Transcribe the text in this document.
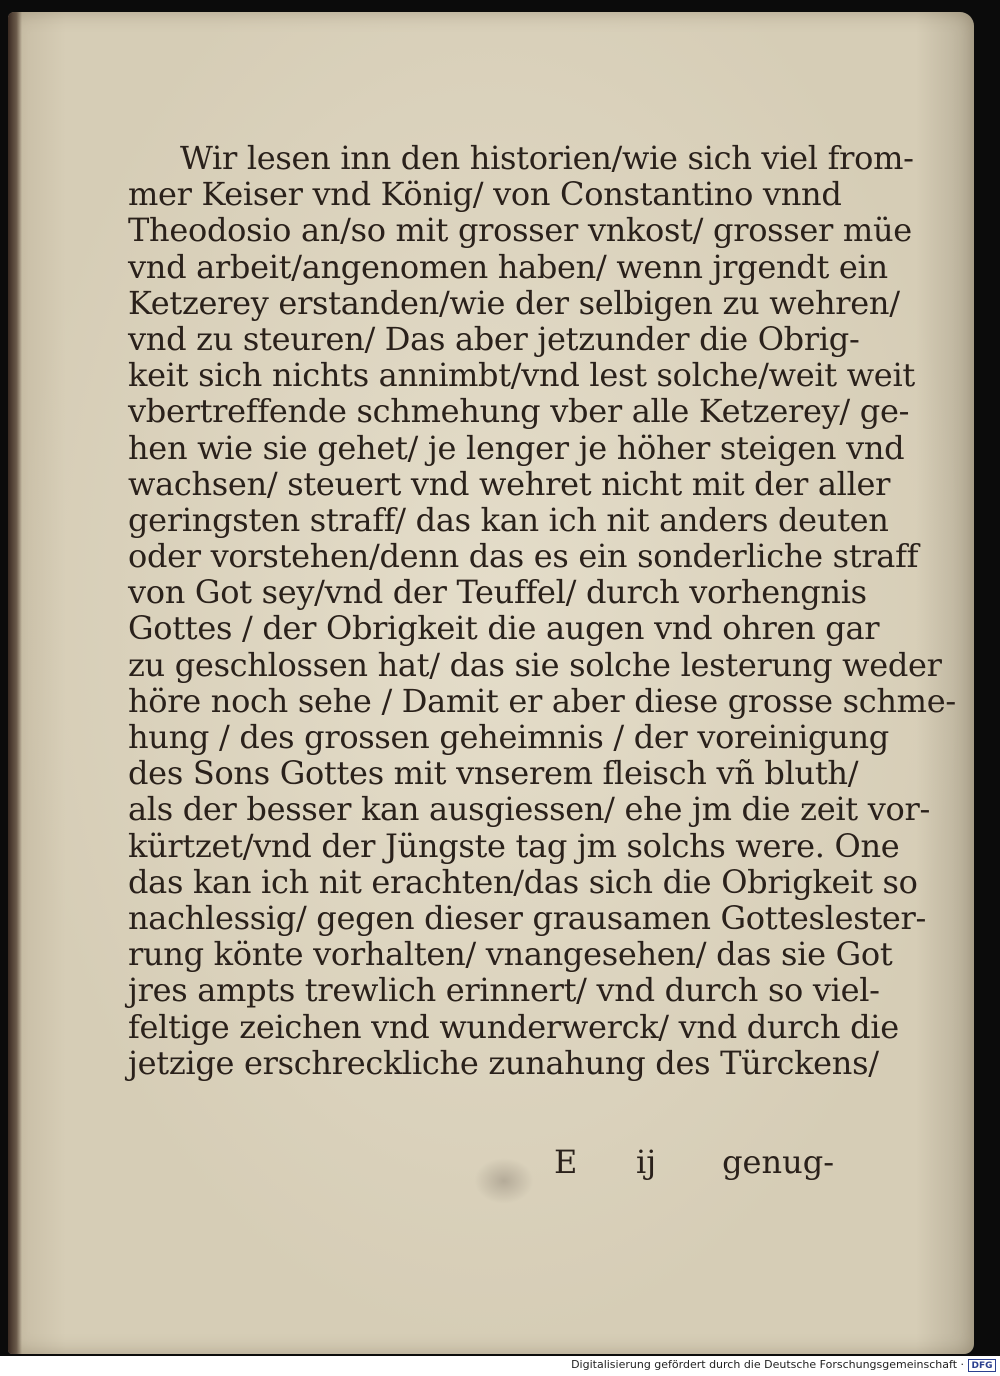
Wir lesen inn den historien/wie sich viel from-
mer Keiser vnd König/ von Constantino vnnd
Theodosio an/so mit grosser vnkost/ grosser müe
vnd arbeit/angenomen haben/ wenn jrgendt ein
Ketzerey erstanden/wie der selbigen zu wehren/
vnd zu steuren/ Das aber jetzunder die Obrig-
keit sich nichts annimbt/vnd lest solche/weit weit
vbertreffende schmehung vber alle Ketzerey/ ge-
hen wie sie gehet/ je lenger je höher steigen vnd
wachsen/ steuert vnd wehret nicht mit der aller
geringsten straff/ das kan ich nit anders deuten
oder vorstehen/denn das es ein sonderliche straff
von Got sey/vnd der Teuffel/ durch vorhengnis
Gottes / der Obrigkeit die augen vnd ohren gar
zu geschlossen hat/ das sie solche lesterung weder
höre noch sehe / Damit er aber diese grosse schme-
hung / des grossen geheimnis / der voreinigung
des Sons Gottes mit vnserem fleisch vñ bluth/
als der besser kan ausgiessen/ ehe jm die zeit vor-
kürtzet/vnd der Jüngste tag jm solchs were. One
das kan ich nit erachten/das sich die Obrigkeit so
nachlessig/ gegen dieser grausamen Gotteslester-
rung könte vorhalten/ vnangesehen/ das sie Got
jres ampts trewlich erinnert/ vnd durch so viel-
feltige zeichen vnd wunderwerck/ vnd durch die
jetzige erschreckliche zunahung des Türckens/
E ij genug-
Digitalisierung gefördert durch die Deutsche Forschungsgemeinschaft · DFG
